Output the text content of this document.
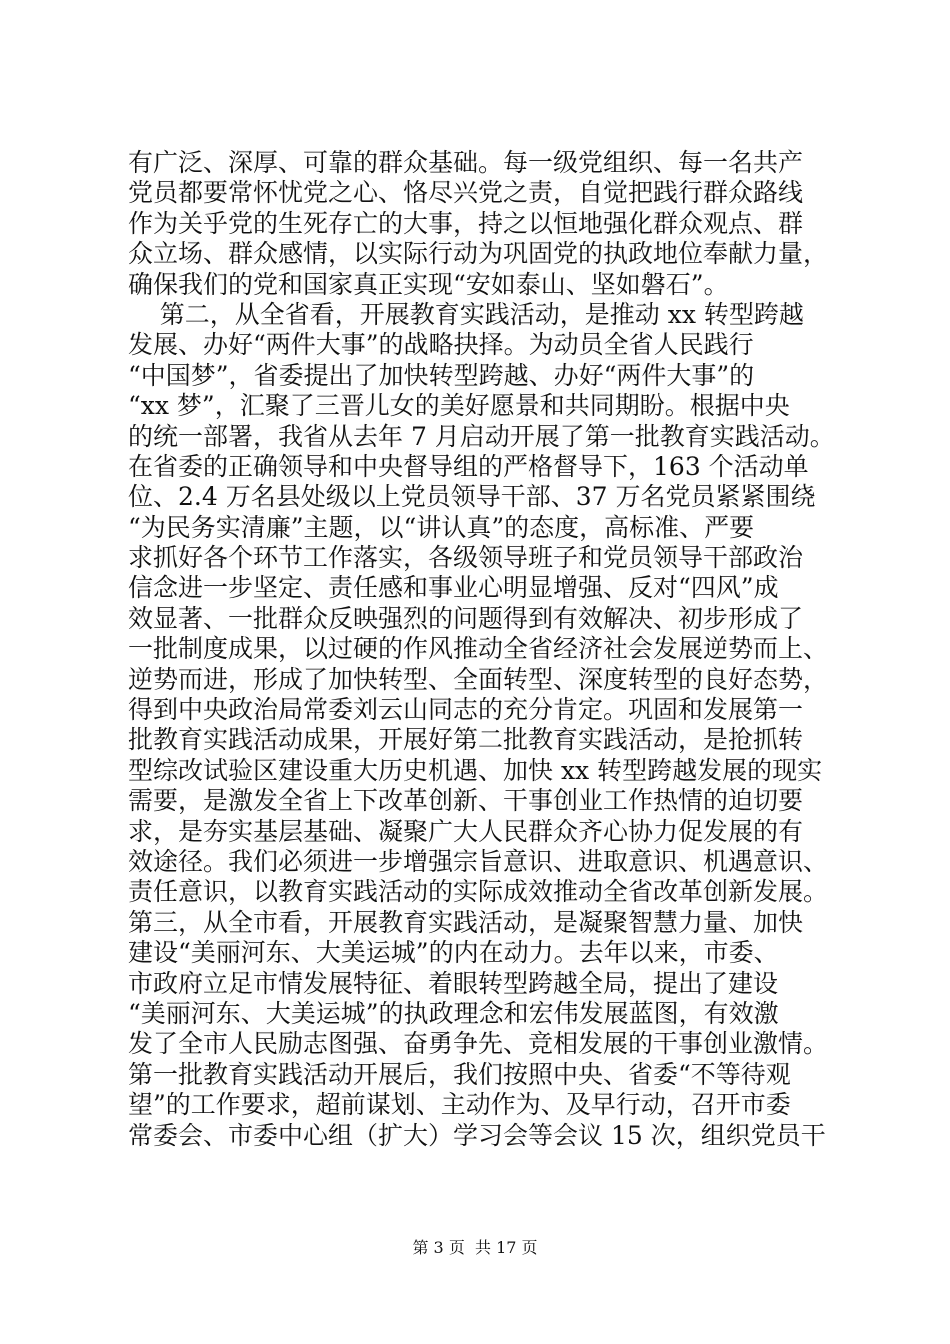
有广泛、深厚、可靠的群众基础。每一级党组织、每一名共产
党员都要常怀忧党之心、恪尽兴党之责，自觉把践行群众路线
作为关乎党的生死存亡的大事，持之以恒地强化群众观点、群
众立场、群众感情，以实际行动为巩固党的执政地位奉献力量，
确保我们的党和国家真正实现“安如泰山、坚如磐石”。
第二，从全省看，开展教育实践活动，是推动 xx 转型跨越
发展、办好“两件大事”的战略抉择。为动员全省人民践行
“中国梦”，省委提出了加快转型跨越、办好“两件大事”的
“xx 梦”，汇聚了三晋儿女的美好愿景和共同期盼。根据中央
的统一部署，我省从去年 7 月启动开展了第一批教育实践活动。
在省委的正确领导和中央督导组的严格督导下，163 个活动单
位、2.4 万名县处级以上党员领导干部、37 万名党员紧紧围绕
“为民务实清廉”主题，以“讲认真”的态度，高标准、严要
求抓好各个环节工作落实，各级领导班子和党员领导干部政治
信念进一步坚定、责任感和事业心明显增强、反对“四风”成
效显著、一批群众反映强烈的问题得到有效解决、初步形成了
一批制度成果，以过硬的作风推动全省经济社会发展逆势而上、
逆势而进，形成了加快转型、全面转型、深度转型的良好态势，
得到中央政治局常委刘云山同志的充分肯定。巩固和发展第一
批教育实践活动成果，开展好第二批教育实践活动，是抢抓转
型综改试验区建设重大历史机遇、加快 xx 转型跨越发展的现实
需要，是激发全省上下改革创新、干事创业工作热情的迫切要
求，是夯实基层基础、凝聚广大人民群众齐心协力促发展的有
效途径。我们必须进一步增强宗旨意识、进取意识、机遇意识、
责任意识，以教育实践活动的实际成效推动全省改革创新发展。
第三，从全市看，开展教育实践活动，是凝聚智慧力量、加快
建设“美丽河东、大美运城”的内在动力。去年以来，市委、
市政府立足市情发展特征、着眼转型跨越全局，提出了建设
“美丽河东、大美运城”的执政理念和宏伟发展蓝图，有效激
发了全市人民励志图强、奋勇争先、竞相发展的干事创业激情。
第一批教育实践活动开展后，我们按照中央、省委“不等待观
望”的工作要求，超前谋划、主动作为、及早行动，召开市委
常委会、市委中心组（扩大）学习会等会议 15 次，组织党员干
第 3 页  共 17 页
